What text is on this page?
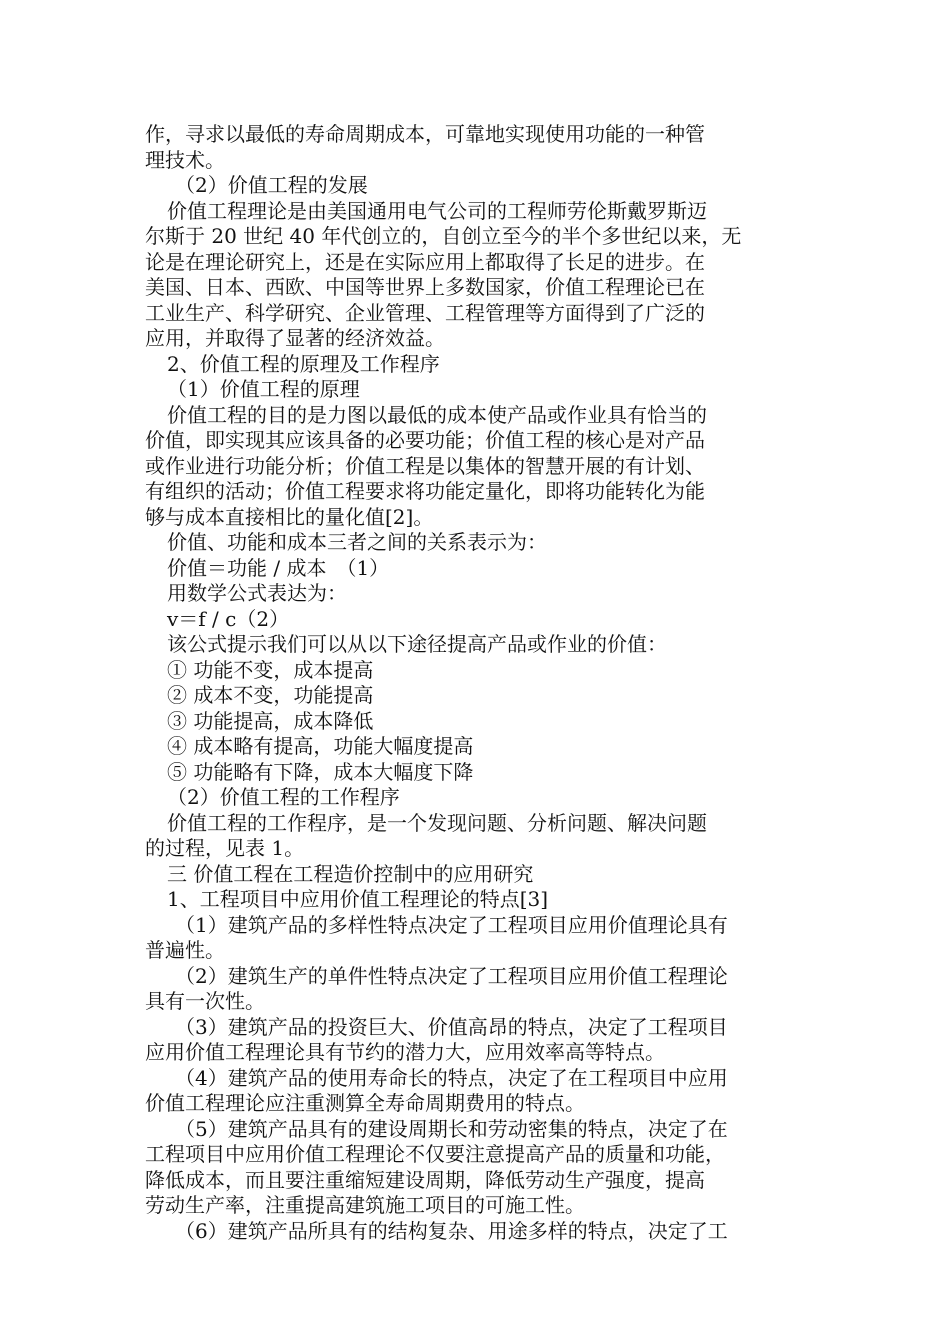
作，寻求以最低的寿命周期成本，可靠地实现使用功能的一种管
理技术。
（2）价值工程的发展
价值工程理论是由美国通用电气公司的工程师劳伦斯戴罗斯迈
尔斯于 20 世纪 40 年代创立的，自创立至今的半个多世纪以来，无
论是在理论研究上，还是在实际应用上都取得了长足的进步。在
美国、日本、西欧、中国等世界上多数国家，价值工程理论已在
工业生产、科学研究、企业管理、工程管理等方面得到了广泛的
应用，并取得了显著的经济效益。
2、价值工程的原理及工作程序
（1）价值工程的原理
价值工程的目的是力图以最低的成本使产品或作业具有恰当的
价值，即实现其应该具备的必要功能；价值工程的核心是对产品
或作业进行功能分析；价值工程是以集体的智慧开展的有计划、
有组织的活动；价值工程要求将功能定量化，即将功能转化为能
够与成本直接相比的量化值[2]。
价值、功能和成本三者之间的关系表示为：
价值＝功能 / 成本　（1）
用数学公式表达为：
v＝f / c（2）
该公式提示我们可以从以下途径提高产品或作业的价值：
① 功能不变，成本提高
② 成本不变，功能提高
③ 功能提高，成本降低
④ 成本略有提高，功能大幅度提高
⑤ 功能略有下降，成本大幅度下降
（2）价值工程的工作程序
价值工程的工作程序，是一个发现问题、分析问题、解决问题
的过程，见表 1。
三 价值工程在工程造价控制中的应用研究
1、工程项目中应用价值工程理论的特点[3]
（1）建筑产品的多样性特点决定了工程项目应用价值理论具有
普遍性。
（2）建筑生产的单件性特点决定了工程项目应用价值工程理论
具有一次性。
（3）建筑产品的投资巨大、价值高昂的特点，决定了工程项目
应用价值工程理论具有节约的潜力大，应用效率高等特点。
（4）建筑产品的使用寿命长的特点，决定了在工程项目中应用
价值工程理论应注重测算全寿命周期费用的特点。
（5）建筑产品具有的建设周期长和劳动密集的特点，决定了在
工程项目中应用价值工程理论不仅要注意提高产品的质量和功能，
降低成本，而且要注重缩短建设周期，降低劳动生产强度，提高
劳动生产率，注重提高建筑施工项目的可施工性。
（6）建筑产品所具有的结构复杂、用途多样的特点，决定了工
